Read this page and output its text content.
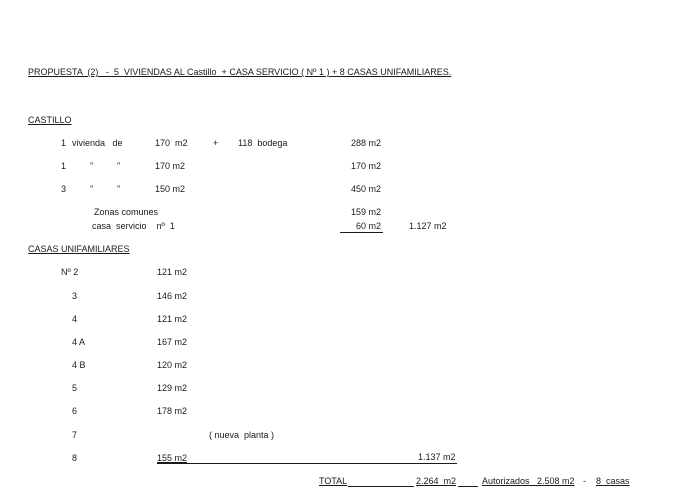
PROPUESTA  (2)   -  5  VIVIENDAS AL Castillo  + CASA SERVICIO ( Nº 1 ) + 8 CASAS UNIFAMILIARES.
CASTILLO
1 vivienda   de	170  m2	+ 118  bodega	288 m2
1	”	”	170 m2	170 m2
3	”	”	150 m2	450 m2
Zonas comunes	159 m2
casa  servicio    nº  1	60 m2	1.127 m2
CASAS UNIFAMILIARES
Nº 2	121 m2
3	146 m2
4	121 m2
4 A	167 m2
4 B	120 m2
5	129 m2
6	178 m2
7	( nueva  planta )
8	155 m2	1.137 m2
TOTAL	2.264  m2	Autorizados   2.508 m2 - 8  casas
